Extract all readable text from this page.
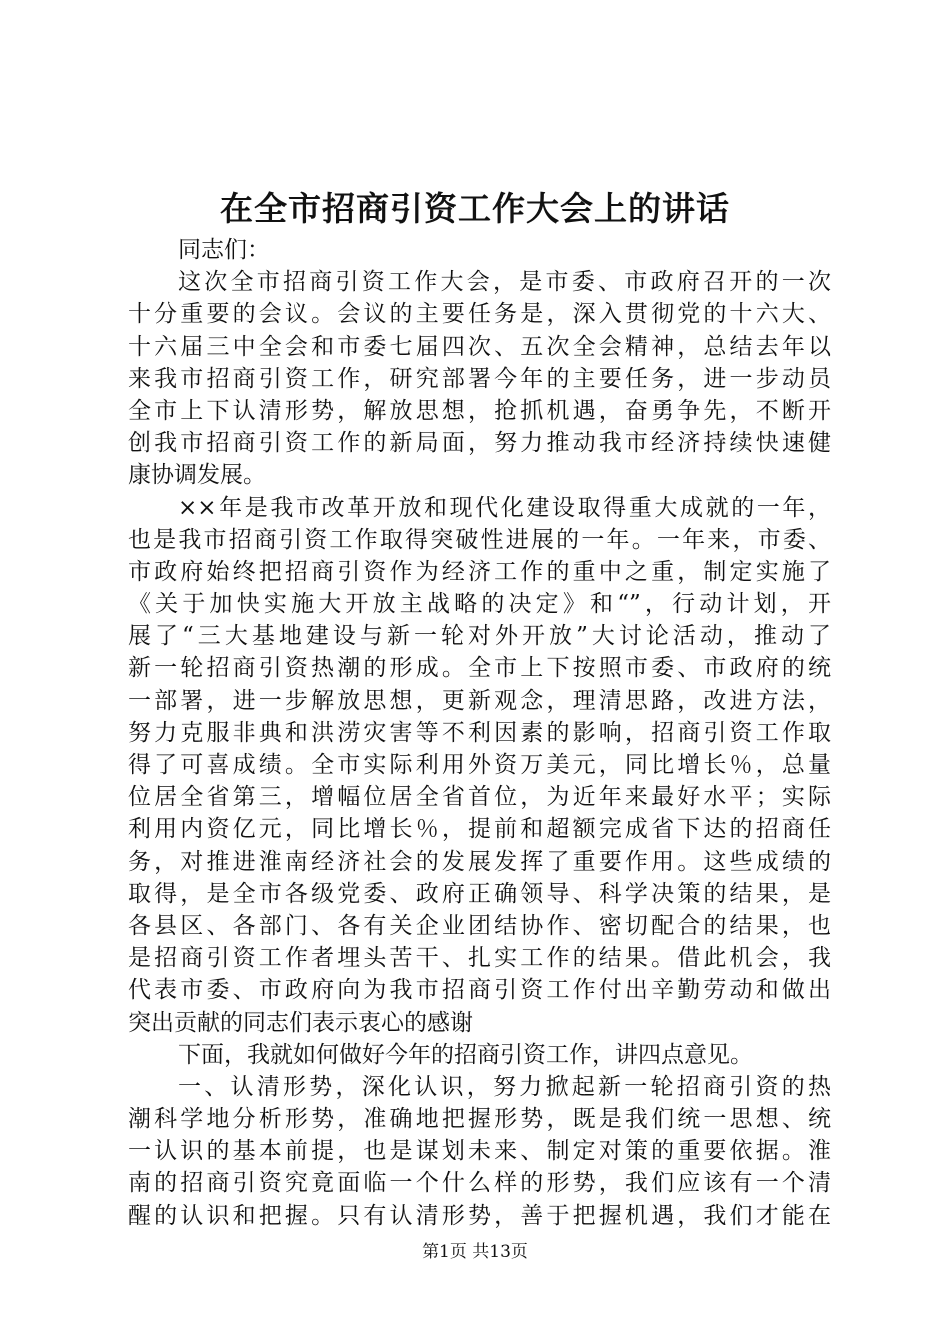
在全市招商引资工作大会上的讲话
同志们：
这次全市招商引资工作大会，是市委、市政府召开的一次
十分重要的会议。会议的主要任务是，深入贯彻党的十六大、
十六届三中全会和市委七届四次、五次全会精神，总结去年以
来我市招商引资工作，研究部署今年的主要任务，进一步动员
全市上下认清形势，解放思想，抢抓机遇，奋勇争先，不断开
创我市招商引资工作的新局面，努力推动我市经济持续快速健
康协调发展。
××年是我市改革开放和现代化建设取得重大成就的一年，
也是我市招商引资工作取得突破性进展的一年。一年来，市委、
市政府始终把招商引资作为经济工作的重中之重，制定实施了
《关于加快实施大开放主战略的决定》和“”，行动计划，开
展了“三大基地建设与新一轮对外开放”大讨论活动，推动了
新一轮招商引资热潮的形成。全市上下按照市委、市政府的统
一部署，进一步解放思想，更新观念，理清思路，改进方法，
努力克服非典和洪涝灾害等不利因素的影响，招商引资工作取
得了可喜成绩。全市实际利用外资万美元，同比增长％，总量
位居全省第三，增幅位居全省首位，为近年来最好水平；实际
利用内资亿元，同比增长％，提前和超额完成省下达的招商任
务，对推进淮南经济社会的发展发挥了重要作用。这些成绩的
取得，是全市各级党委、政府正确领导、科学决策的结果，是
各县区、各部门、各有关企业团结协作、密切配合的结果，也
是招商引资工作者埋头苦干、扎实工作的结果。借此机会，我
代表市委、市政府向为我市招商引资工作付出辛勤劳动和做出
突出贡献的同志们表示衷心的感谢
下面，我就如何做好今年的招商引资工作，讲四点意见。
一、认清形势，深化认识，努力掀起新一轮招商引资的热
潮科学地分析形势，准确地把握形势，既是我们统一思想、统
一认识的基本前提，也是谋划未来、制定对策的重要依据。淮
南的招商引资究竟面临一个什么样的形势，我们应该有一个清
醒的认识和把握。只有认清形势，善于把握机遇，我们才能在
第1页 共13页
